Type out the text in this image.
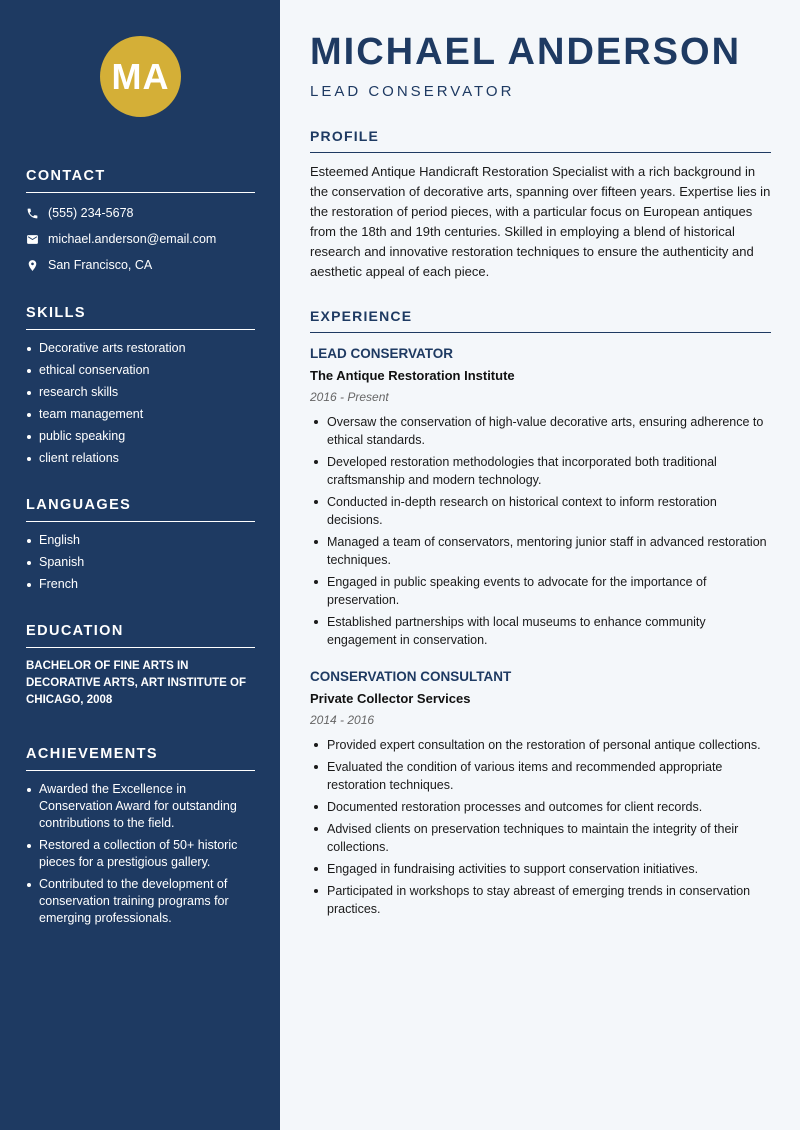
MA
CONTACT
(555) 234-5678
michael.anderson@email.com
San Francisco, CA
SKILLS
Decorative arts restoration
ethical conservation
research skills
team management
public speaking
client relations
LANGUAGES
English
Spanish
French
EDUCATION
BACHELOR OF FINE ARTS IN DECORATIVE ARTS, ART INSTITUTE OF CHICAGO, 2008
ACHIEVEMENTS
Awarded the Excellence in Conservation Award for outstanding contributions to the field.
Restored a collection of 50+ historic pieces for a prestigious gallery.
Contributed to the development of conservation training programs for emerging professionals.
MICHAEL ANDERSON
LEAD CONSERVATOR
PROFILE

Esteemed Antique Handicraft Restoration Specialist with a rich background in the conservation of decorative arts, spanning over fifteen years. Expertise lies in the restoration of period pieces, with a particular focus on European antiques from the 18th and 19th centuries. Skilled in employing a blend of historical research and innovative restoration techniques to ensure the authenticity and aesthetic appeal of each piece.

EXPERIENCE
LEAD CONSERVATOR
The Antique Restoration Institute
2016 - Present
Oversaw the conservation of high-value decorative arts, ensuring adherence to ethical standards.
Developed restoration methodologies that incorporated both traditional craftsmanship and modern technology.
Conducted in-depth research on historical context to inform restoration decisions.
Managed a team of conservators, mentoring junior staff in advanced restoration techniques.
Engaged in public speaking events to advocate for the importance of preservation.
Established partnerships with local museums to enhance community engagement in conservation.
CONSERVATION CONSULTANT
Private Collector Services
2014 - 2016
Provided expert consultation on the restoration of personal antique collections.
Evaluated the condition of various items and recommended appropriate restoration techniques.
Documented restoration processes and outcomes for client records.
Advised clients on preservation techniques to maintain the integrity of their collections.
Engaged in fundraising activities to support conservation initiatives.
Participated in workshops to stay abreast of emerging trends in conservation practices.
